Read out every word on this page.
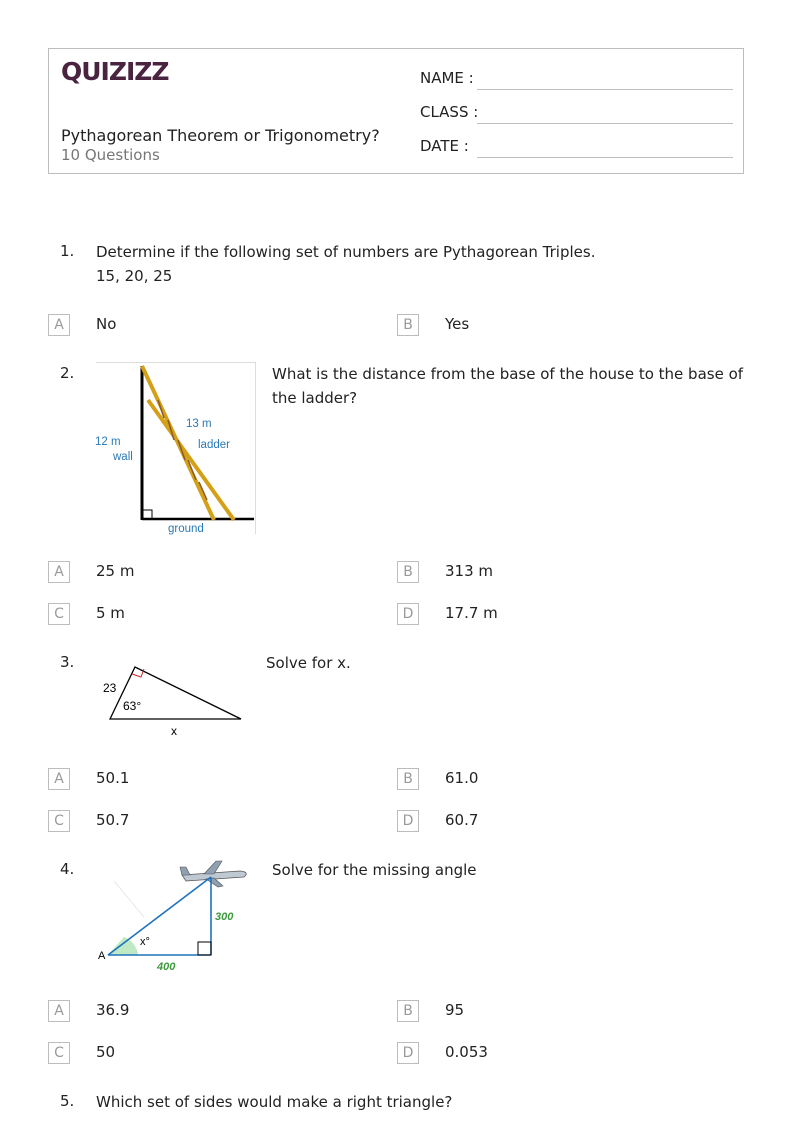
QUIZIZZ
Pythagorean Theorem or Trigonometry?
10 Questions
NAME :
CLASS :
DATE :
1. Determine if the following set of numbers are Pythagorean Triples.
15, 20, 25
A	No	B	Yes
2.
13 m
ladder
12 m
wall
ground
What is the distance from the base of the house to the base of
the ladder?
A	25 m	B	313 m
C	5 m	D	17.7 m
3.
23
63°
x
Solve for x.
A	50.1	B	61.0
C	50.7	D	60.7
4.
A
x°
300
400
Solve for the missing angle
A	36.9	B	95
C	50	D	0.053
5. Which set of sides would make a right triangle?
